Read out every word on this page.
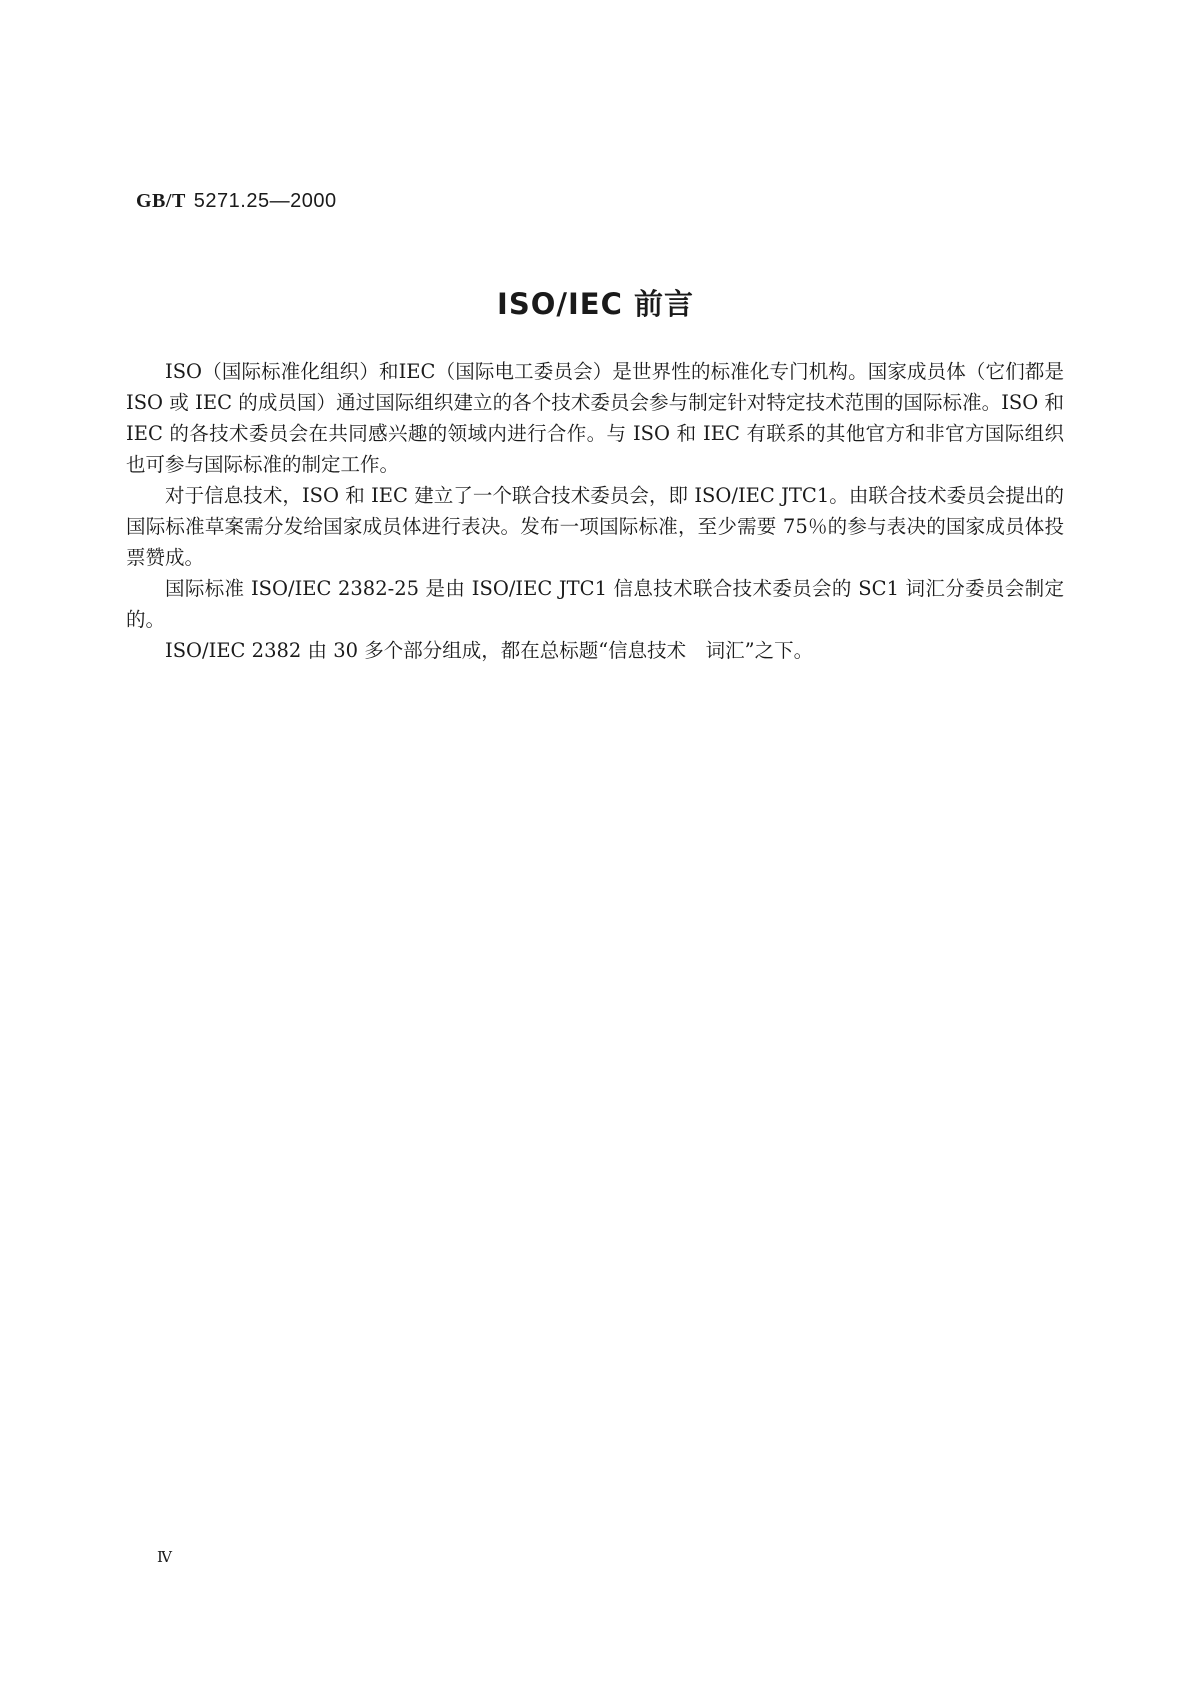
GB/T 5271.25—2000
ISO/IEC 前言

ISO（国际标准化组织）和IEC（国际电工委员会）是世界性的标准化专门机构。国家成员体（它们都是 ISO 或 IEC 的成员国）通过国际组织建立的各个技术委员会参与制定针对特定技术范围的国际标准。ISO 和 IEC 的各技术委员会在共同感兴趣的领域内进行合作。与 ISO 和 IEC 有联系的其他官方和非官方国际组织也可参与国际标准的制定工作。

对于信息技术，ISO 和 IEC 建立了一个联合技术委员会，即 ISO/IEC JTC1。由联合技术委员会提出的国际标准草案需分发给国家成员体进行表决。发布一项国际标准，至少需要 75％的参与表决的国家成员体投票赞成。

国际标准 ISO/IEC 2382-25 是由 ISO/IEC JTC1 信息技术联合技术委员会的 SC1 词汇分委员会制定的。

ISO/IEC 2382 由 30 多个部分组成，都在总标题“信息技术　词汇”之下。

Ⅳ
